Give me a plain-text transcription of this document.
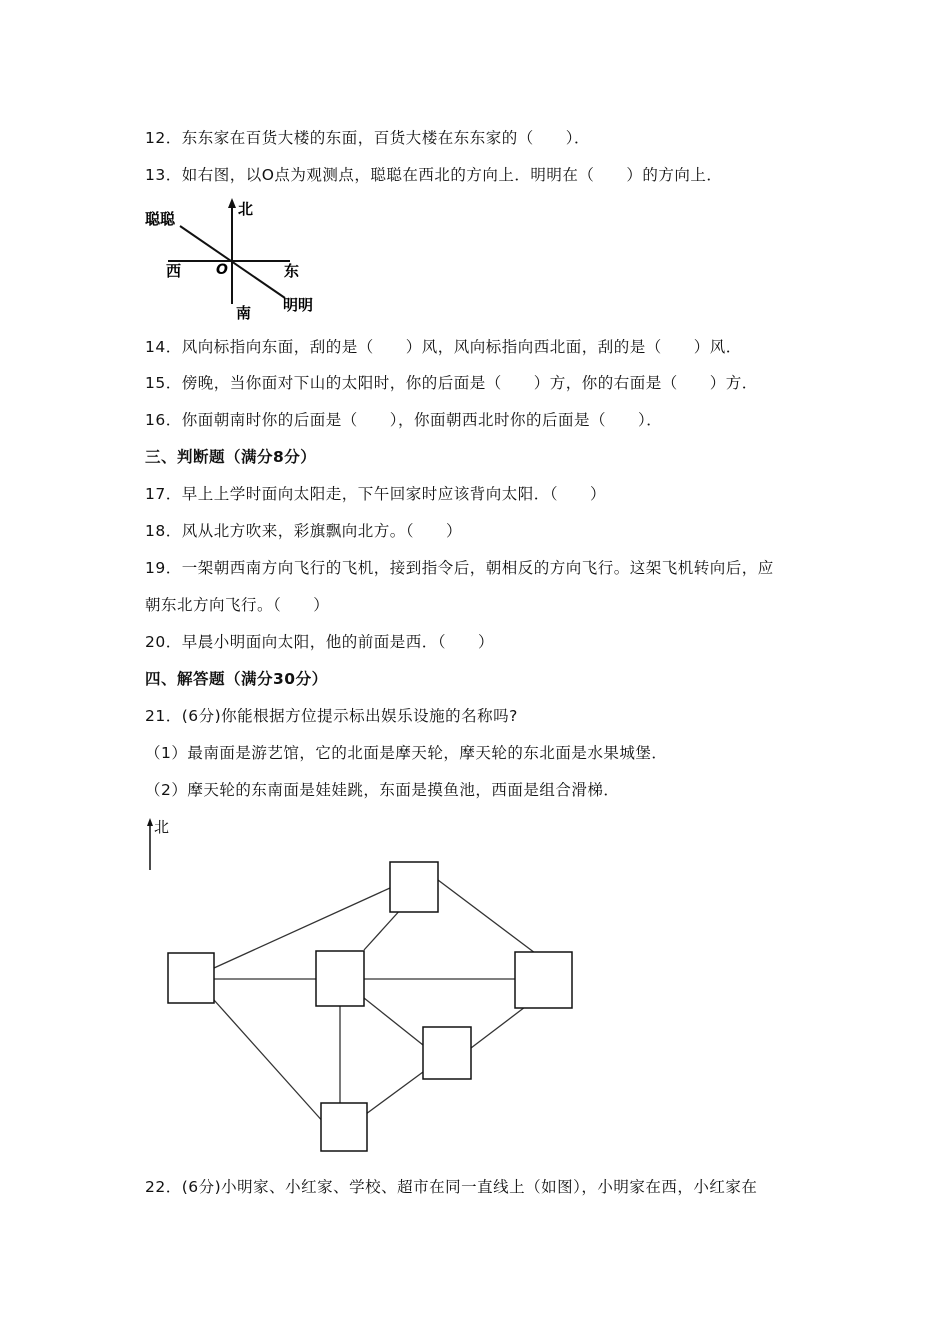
12．东东家在百货大楼的东面，百货大楼在东东家的（　　）．
13．如右图，以O点为观测点，聪聪在西北的方向上．明明在（　　）的方向上．
北
南
西	东
O
聪聪
明明
14．风向标指向东面，刮的是（　　）风，风向标指向西北面，刮的是（　　）风．
15．傍晚，当你面对下山的太阳时，你的后面是（　　）方，你的右面是（　　）方．
16．你面朝南时你的后面是（　　），你面朝西北时你的后面是（　　）．
三、判断题（满分8分）
17．早上上学时面向太阳走，下午回家时应该背向太阳．（　　）
18．风从北方吹来，彩旗飘向北方。（　　）
19．一架朝西南方向飞行的飞机，接到指令后，朝相反的方向飞行。这架飞机转向后，应
朝东北方向飞行。（　　）
20．早晨小明面向太阳，他的前面是西．（　　）
四、解答题（满分30分）
21．(6分)你能根据方位提示标出娱乐设施的名称吗?
（1）最南面是游艺馆，它的北面是摩天轮，摩天轮的东北面是水果城堡．
（2）摩天轮的东南面是娃娃跳，东面是摸鱼池，西面是组合滑梯．
北
22．(6分)小明家、小红家、学校、超市在同一直线上（如图），小明家在西，小红家在
